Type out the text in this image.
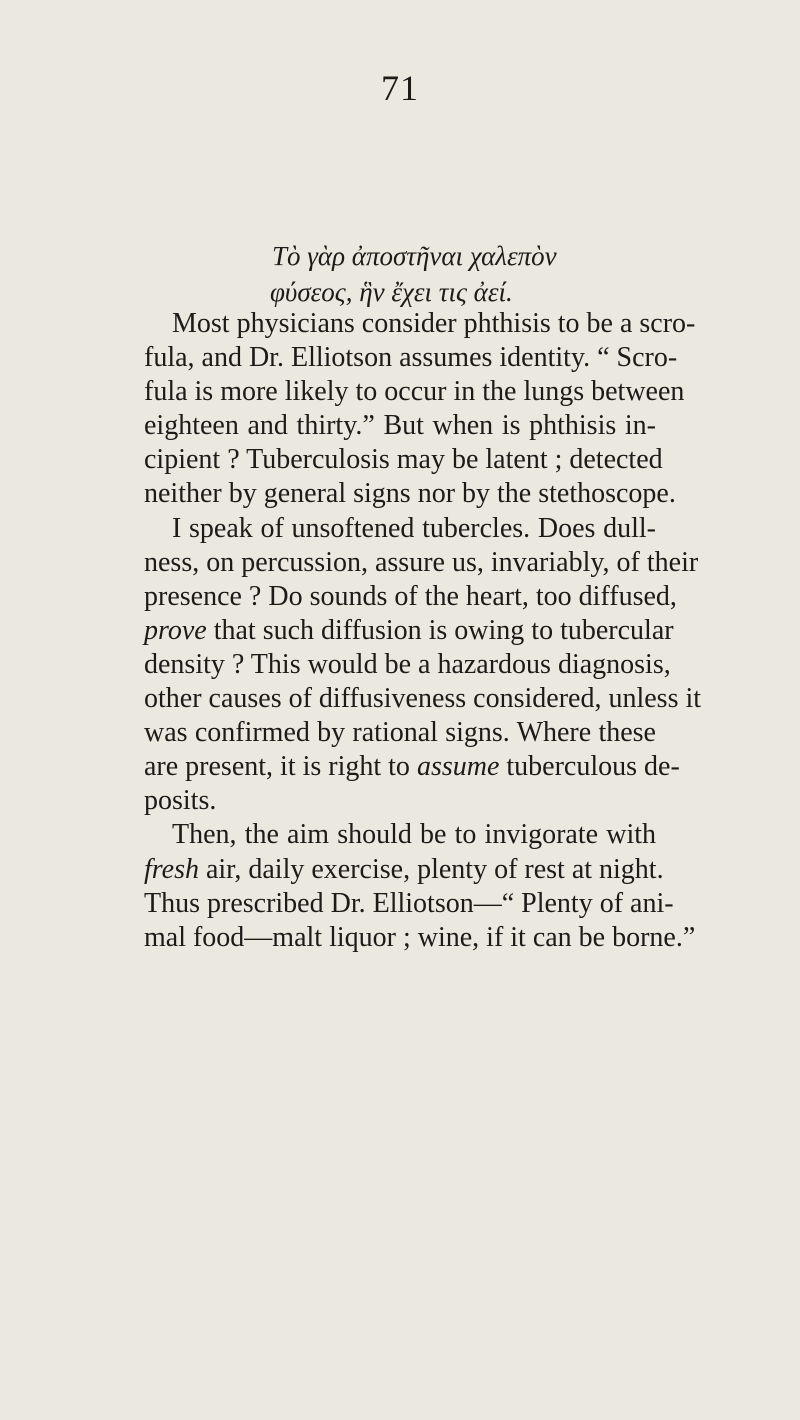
71
Τὸ γὰρ ἀποστῆναι χαλεπὸν
φύσεος, ἣν ἔχει τις ἀεί.
Most physicians consider phthisis to be a scro-
fula, and Dr. Elliotson assumes identity. “ Scro-
fula is more likely to occur in the lungs between
eighteen and thirty.” But when is phthisis in-
cipient ? Tuberculosis may be latent ; detected
neither by general signs nor by the stethoscope.
I speak of unsoftened tubercles. Does dull-
ness, on percussion, assure us, invariably, of their
presence ? Do sounds of the heart, too diffused,
prove that such diffusion is owing to tubercular
density ? This would be a hazardous diagnosis,
other causes of diffusiveness considered, unless it
was confirmed by rational signs. Where these
are present, it is right to assume tuberculous de-
posits.
Then, the aim should be to invigorate with
fresh air, daily exercise, plenty of rest at night.
Thus prescribed Dr. Elliotson—“ Plenty of ani-
mal food—malt liquor ; wine, if it can be borne.”
